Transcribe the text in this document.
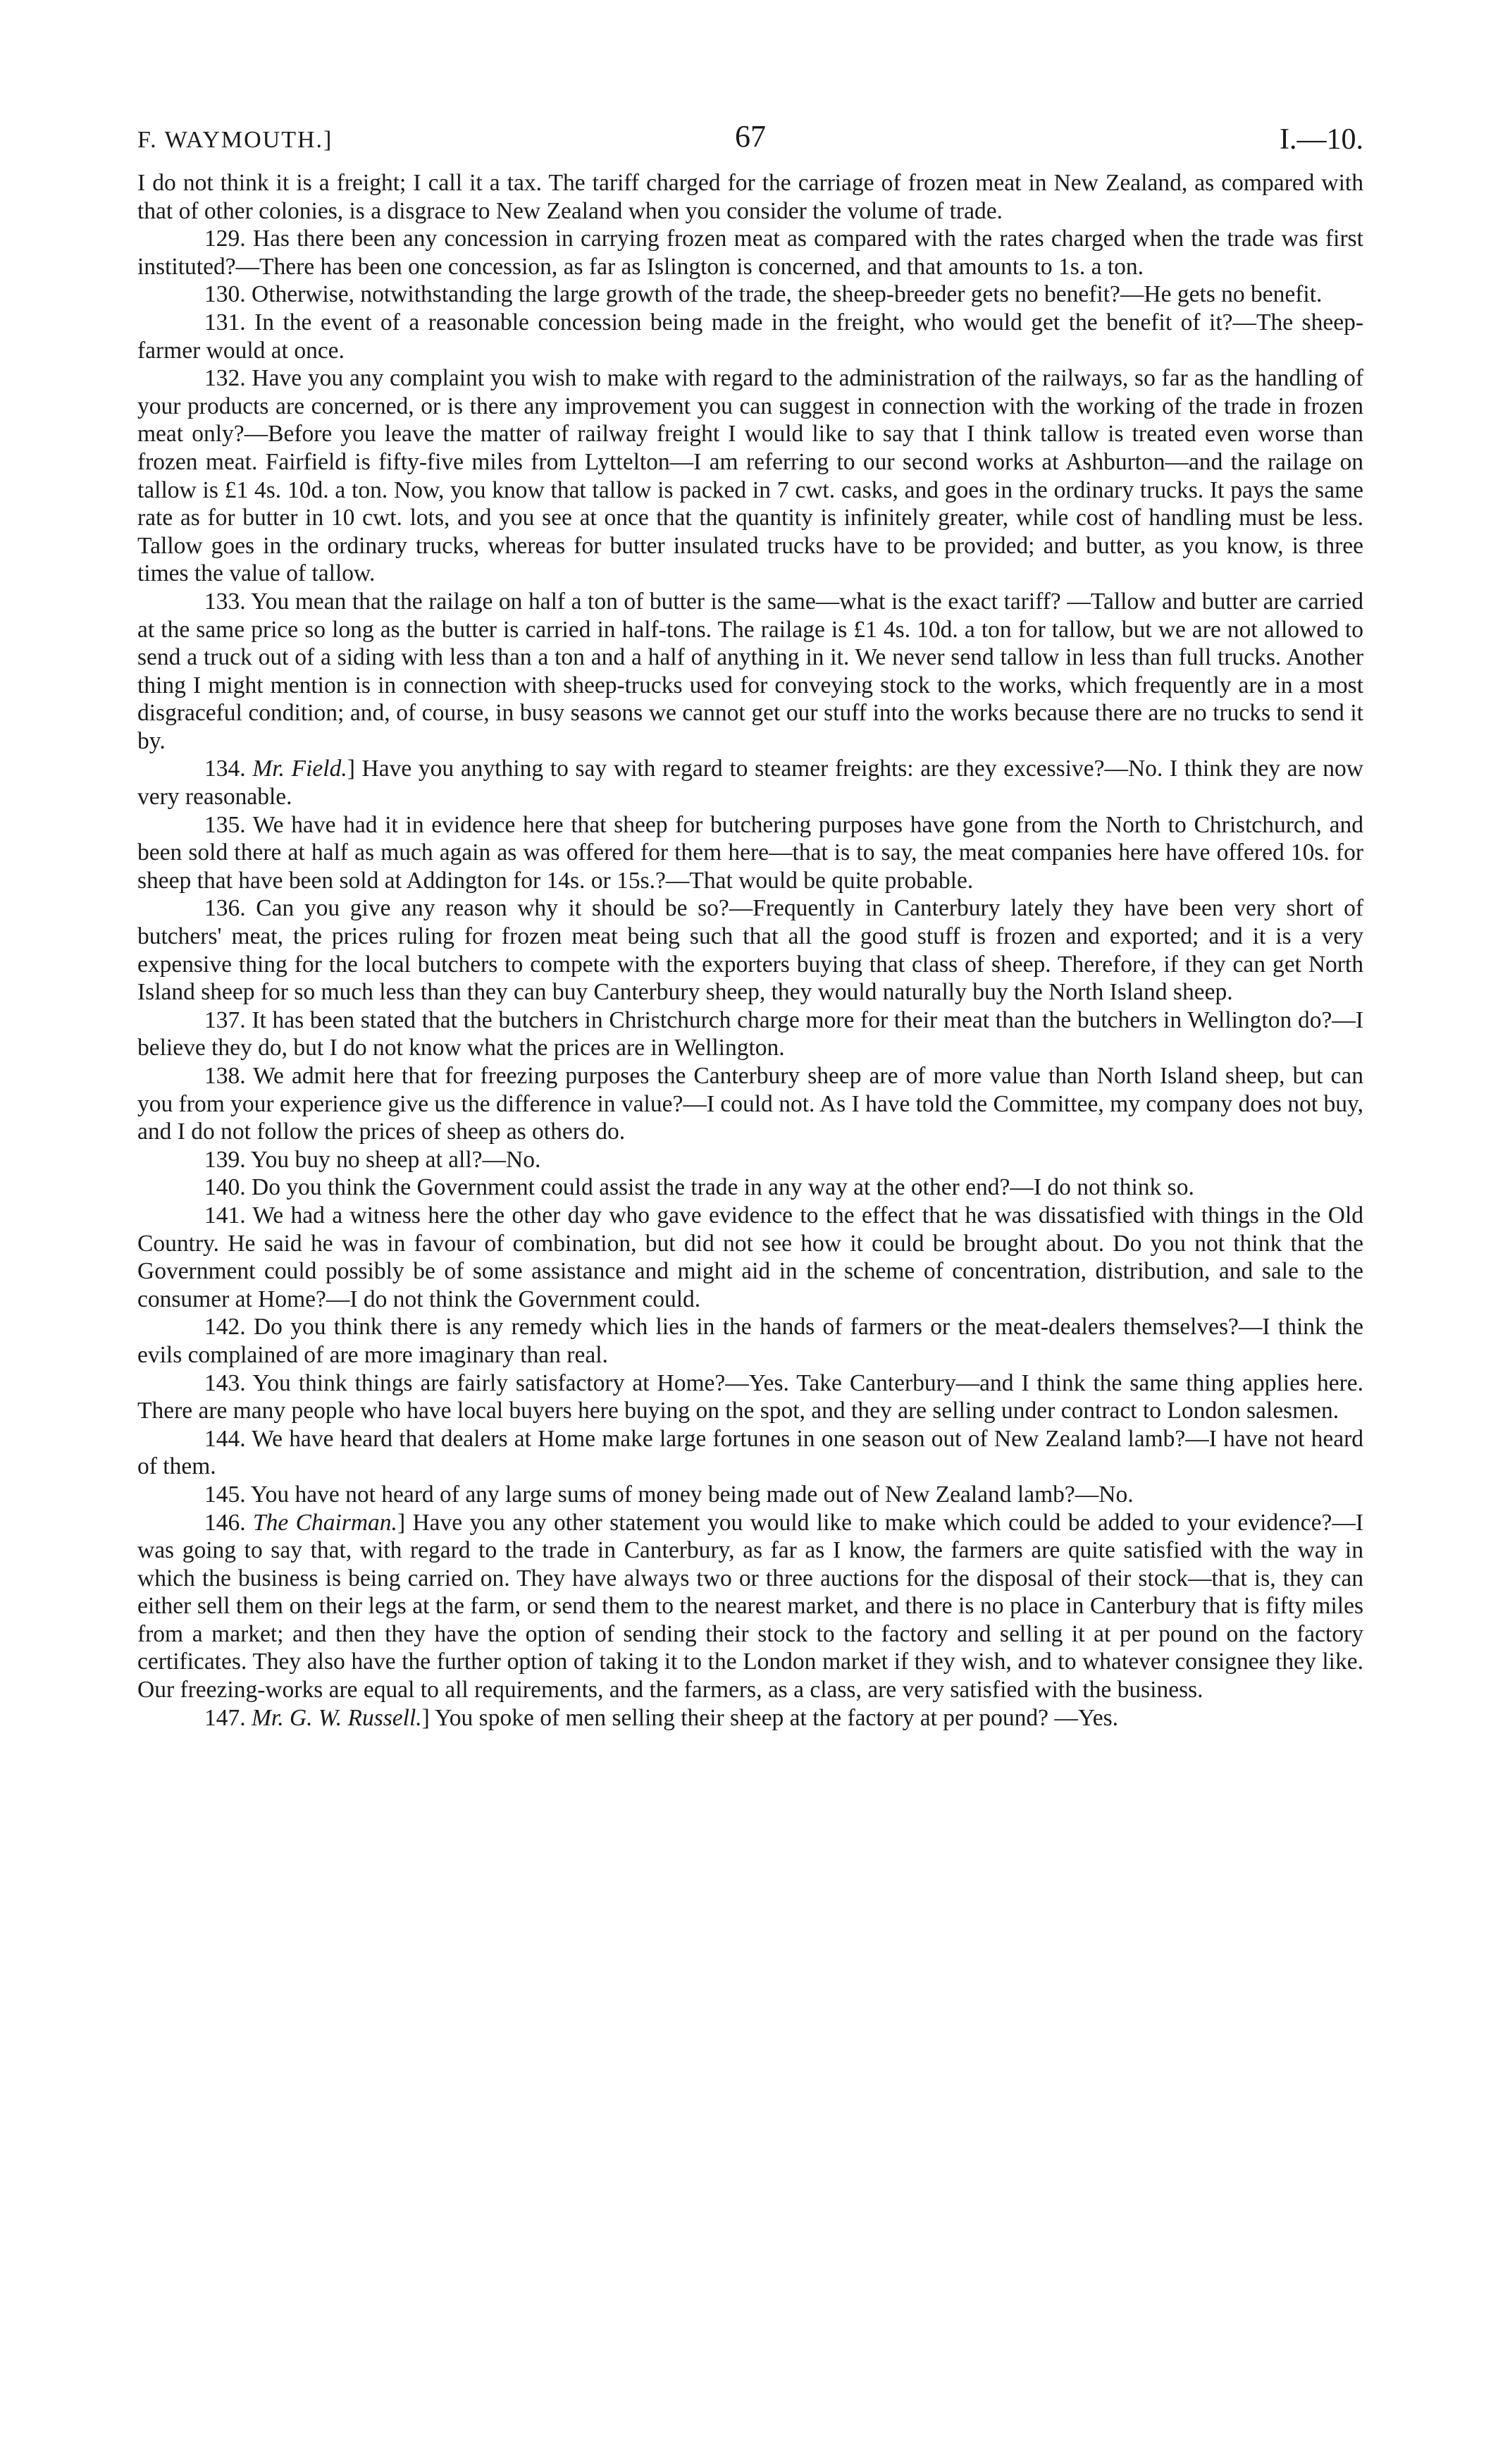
F. WAYMOUTH.]	67	I.—10.

I do not think it is a freight; I call it a tax. The tariff charged for the carriage of frozen meat in New Zealand, as compared with that of other colonies, is a disgrace to New Zealand when you consider the volume of trade.

129. Has there been any concession in carrying frozen meat as compared with the rates charged when the trade was first instituted?—There has been one concession, as far as Islington is concerned, and that amounts to 1s. a ton.

130. Otherwise, notwithstanding the large growth of the trade, the sheep-breeder gets no benefit?—He gets no benefit.

131. In the event of a reasonable concession being made in the freight, who would get the benefit of it?—The sheep-farmer would at once.

132. Have you any complaint you wish to make with regard to the administration of the railways, so far as the handling of your products are concerned, or is there any improvement you can suggest in connection with the working of the trade in frozen meat only?—Before you leave the matter of railway freight I would like to say that I think tallow is treated even worse than frozen meat. Fairfield is fifty-five miles from Lyttelton—I am referring to our second works at Ashburton—and the railage on tallow is £1 4s. 10d. a ton. Now, you know that tallow is packed in 7 cwt. casks, and goes in the ordinary trucks. It pays the same rate as for butter in 10 cwt. lots, and you see at once that the quantity is infinitely greater, while cost of handling must be less. Tallow goes in the ordinary trucks, whereas for butter insulated trucks have to be provided; and butter, as you know, is three times the value of tallow.

133. You mean that the railage on half a ton of butter is the same—what is the exact tariff? —Tallow and butter are carried at the same price so long as the butter is carried in half-tons. The railage is £1 4s. 10d. a ton for tallow, but we are not allowed to send a truck out of a siding with less than a ton and a half of anything in it. We never send tallow in less than full trucks. Another thing I might mention is in connection with sheep-trucks used for conveying stock to the works, which frequently are in a most disgraceful condition; and, of course, in busy seasons we cannot get our stuff into the works because there are no trucks to send it by.

134. Mr. Field.] Have you anything to say with regard to steamer freights: are they excessive?—No. I think they are now very reasonable.

135. We have had it in evidence here that sheep for butchering purposes have gone from the North to Christchurch, and been sold there at half as much again as was offered for them here—that is to say, the meat companies here have offered 10s. for sheep that have been sold at Addington for 14s. or 15s.?—That would be quite probable.

136. Can you give any reason why it should be so?—Frequently in Canterbury lately they have been very short of butchers' meat, the prices ruling for frozen meat being such that all the good stuff is frozen and exported; and it is a very expensive thing for the local butchers to compete with the exporters buying that class of sheep. Therefore, if they can get North Island sheep for so much less than they can buy Canterbury sheep, they would naturally buy the North Island sheep.

137. It has been stated that the butchers in Christchurch charge more for their meat than the butchers in Wellington do?—I believe they do, but I do not know what the prices are in Wellington.

138. We admit here that for freezing purposes the Canterbury sheep are of more value than North Island sheep, but can you from your experience give us the difference in value?—I could not. As I have told the Committee, my company does not buy, and I do not follow the prices of sheep as others do.

139. You buy no sheep at all?—No.

140. Do you think the Government could assist the trade in any way at the other end?—I do not think so.

141. We had a witness here the other day who gave evidence to the effect that he was dissatisfied with things in the Old Country. He said he was in favour of combination, but did not see how it could be brought about. Do you not think that the Government could possibly be of some assistance and might aid in the scheme of concentration, distribution, and sale to the consumer at Home?—I do not think the Government could.

142. Do you think there is any remedy which lies in the hands of farmers or the meat-dealers themselves?—I think the evils complained of are more imaginary than real.

143. You think things are fairly satisfactory at Home?—Yes. Take Canterbury—and I think the same thing applies here. There are many people who have local buyers here buying on the spot, and they are selling under contract to London salesmen.

144. We have heard that dealers at Home make large fortunes in one season out of New Zealand lamb?—I have not heard of them.

145. You have not heard of any large sums of money being made out of New Zealand lamb?—No.

146. The Chairman.] Have you any other statement you would like to make which could be added to your evidence?—I was going to say that, with regard to the trade in Canterbury, as far as I know, the farmers are quite satisfied with the way in which the business is being carried on. They have always two or three auctions for the disposal of their stock—that is, they can either sell them on their legs at the farm, or send them to the nearest market, and there is no place in Canterbury that is fifty miles from a market; and then they have the option of sending their stock to the factory and selling it at per pound on the factory certificates. They also have the further option of taking it to the London market if they wish, and to whatever consignee they like. Our freezing-works are equal to all requirements, and the farmers, as a class, are very satisfied with the business.

147. Mr. G. W. Russell.] You spoke of men selling their sheep at the factory at per pound? —Yes.
